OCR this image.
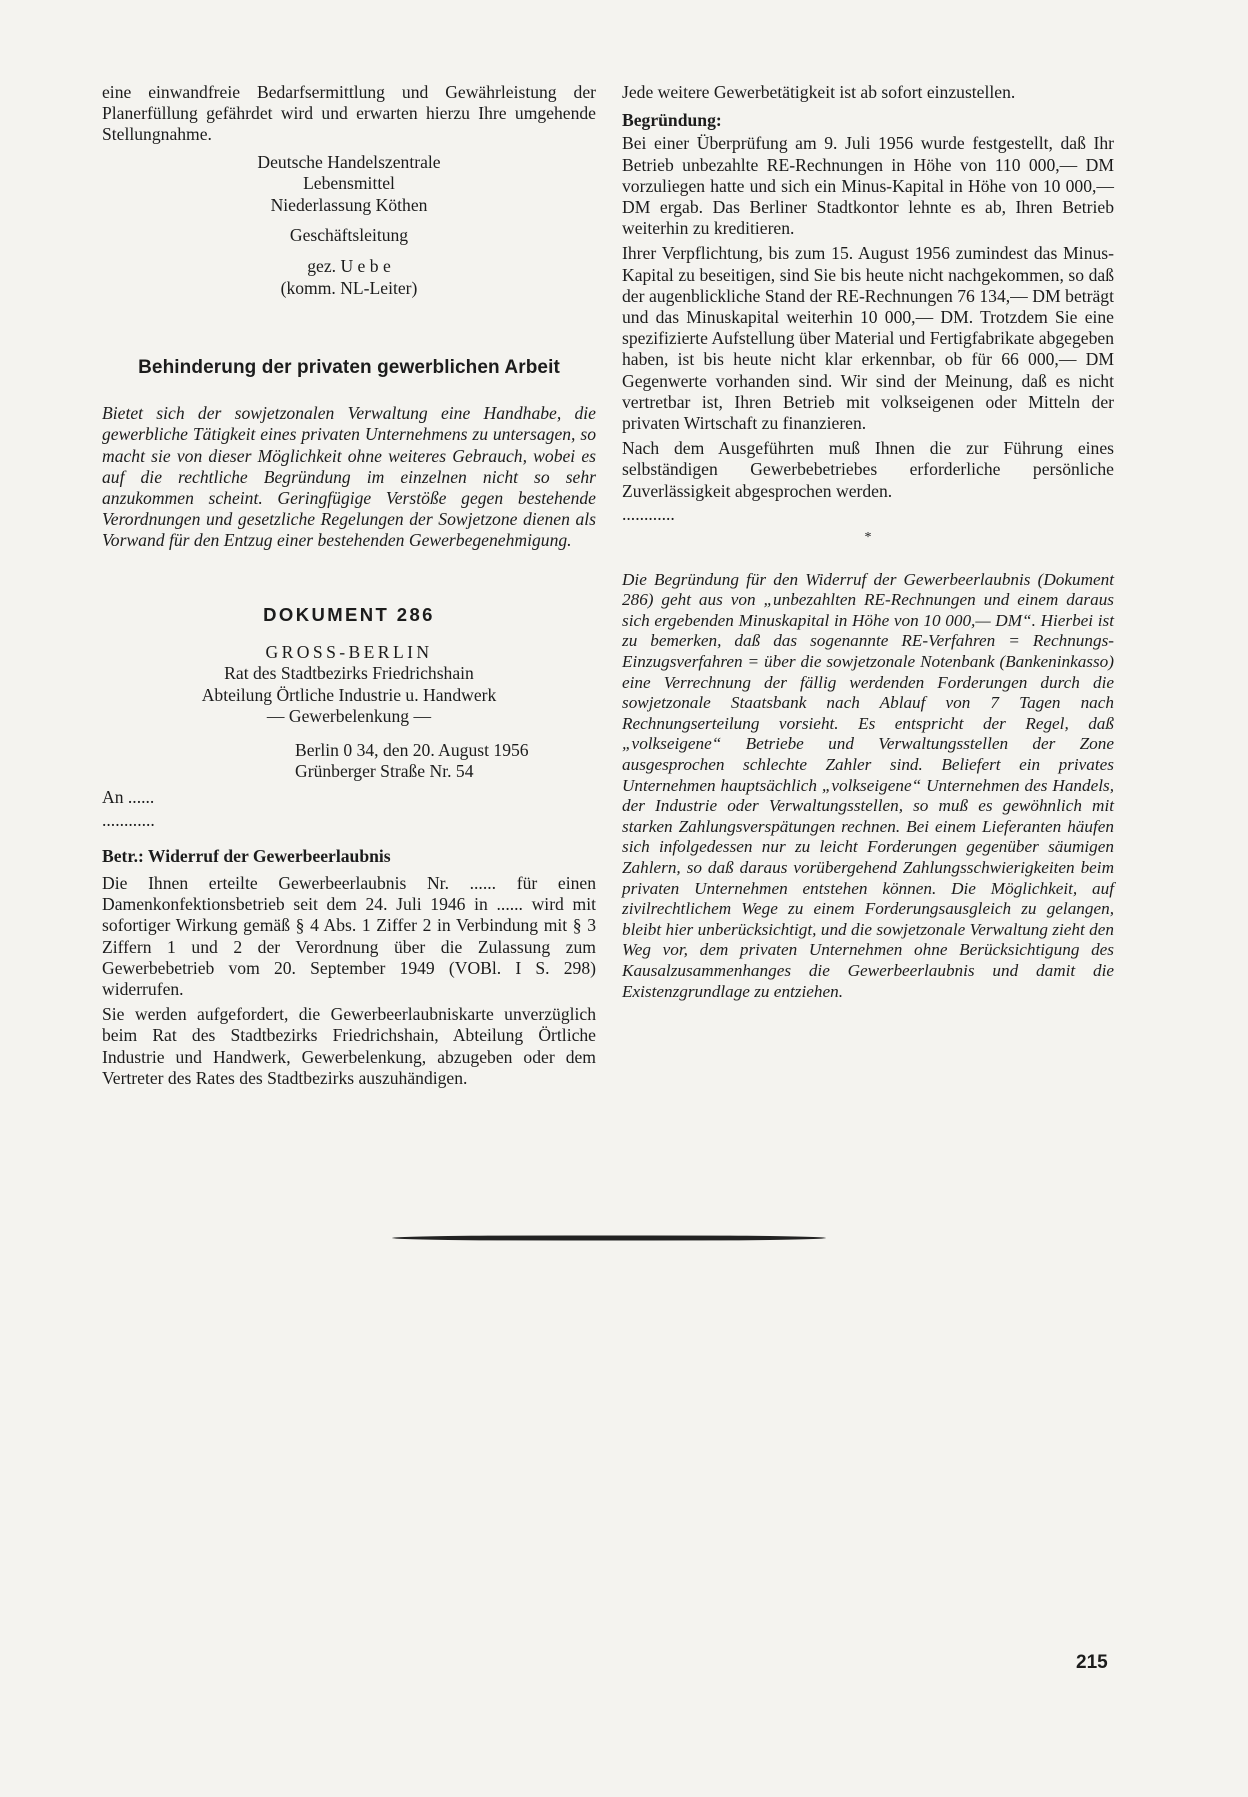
eine einwandfreie Bedarfsermittlung und Gewährleistung der Planerfüllung gefährdet wird und erwarten hierzu Ihre umgehende Stellungnahme.

Deutsche Handelszentrale

Lebensmittel

Niederlassung Köthen

Geschäftsleitung

gez. U e b e

(komm. NL-Leiter)

Behinderung der privaten gewerblichen Arbeit

Bietet sich der sowjetzonalen Verwaltung eine Handhabe, die gewerbliche Tätigkeit eines privaten Unternehmens zu untersagen, so macht sie von dieser Möglichkeit ohne weiteres Gebrauch, wobei es auf die rechtliche Begründung im einzelnen nicht so sehr anzukommen scheint. Geringfügige Verstöße gegen bestehende Verordnungen und gesetzliche Regelungen der Sowjetzone dienen als Vorwand für den Entzug einer bestehenden Gewerbegenehmigung.

DOKUMENT 286

GROSS-BERLIN

Rat des Stadtbezirks Friedrichshain

Abteilung Örtliche Industrie u. Handwerk

— Gewerbelenkung —

Berlin 0 34, den 20. August 1956

Grünberger Straße Nr. 54

An ......

............

Betr.: Widerruf der Gewerbeerlaubnis

Die Ihnen erteilte Gewerbeerlaubnis Nr. ...... für einen Damenkonfektionsbetrieb seit dem 24. Juli 1946 in ...... wird mit sofortiger Wirkung gemäß § 4 Abs. 1 Ziffer 2 in Verbindung mit § 3 Ziffern 1 und 2 der Verordnung über die Zulassung zum Gewerbebetrieb vom 20. September 1949 (VOBl. I S. 298) widerrufen.

Sie werden aufgefordert, die Gewerbeerlaubniskarte unverzüglich beim Rat des Stadtbezirks Friedrichshain, Abteilung Örtliche Industrie und Handwerk, Gewerbelenkung, abzugeben oder dem Vertreter des Rates des Stadtbezirks auszuhändigen.

Jede weitere Gewerbetätigkeit ist ab sofort einzustellen.

Begründung:

Bei einer Überprüfung am 9. Juli 1956 wurde festgestellt, daß Ihr Betrieb unbezahlte RE-Rechnungen in Höhe von 110 000,— DM vorzuliegen hatte und sich ein Minus-Kapital in Höhe von 10 000,— DM ergab. Das Berliner Stadtkontor lehnte es ab, Ihren Betrieb weiterhin zu kreditieren.

Ihrer Verpflichtung, bis zum 15. August 1956 zumindest das Minus-Kapital zu beseitigen, sind Sie bis heute nicht nachgekommen, so daß der augenblickliche Stand der RE-Rechnungen 76 134,— DM beträgt und das Minuskapital weiterhin 10 000,— DM. Trotzdem Sie eine spezifizierte Aufstellung über Material und Fertigfabrikate abgegeben haben, ist bis heute nicht klar erkennbar, ob für 66 000,— DM Gegenwerte vorhanden sind. Wir sind der Meinung, daß es nicht vertretbar ist, Ihren Betrieb mit volkseigenen oder Mitteln der privaten Wirtschaft zu finanzieren.

Nach dem Ausgeführten muß Ihnen die zur Führung eines selbständigen Gewerbebetriebes erforderliche persönliche Zuverlässigkeit abgesprochen werden.

............

*

Die Begründung für den Widerruf der Gewerbeerlaubnis (Dokument 286) geht aus von „unbezahlten RE-Rechnungen und einem daraus sich ergebenden Minuskapital in Höhe von 10 000,— DM“. Hierbei ist zu bemerken, daß das sogenannte RE-Verfahren = Rechnungs-Einzugsverfahren = über die sowjetzonale Notenbank (Bankeninkasso) eine Verrechnung der fällig werdenden Forderungen durch die sowjetzonale Staatsbank nach Ablauf von 7 Tagen nach Rechnungserteilung vorsieht. Es entspricht der Regel, daß „volkseigene“ Betriebe und Verwaltungsstellen der Zone ausgesprochen schlechte Zahler sind. Beliefert ein privates Unternehmen hauptsächlich „volkseigene“ Unternehmen des Handels, der Industrie oder Verwaltungsstellen, so muß es gewöhnlich mit starken Zahlungsverspätungen rechnen. Bei einem Lieferanten häufen sich infolgedessen nur zu leicht Forderungen gegenüber säumigen Zahlern, so daß daraus vorübergehend Zahlungsschwierigkeiten beim privaten Unternehmen entstehen können. Die Möglichkeit, auf zivilrechtlichem Wege zu einem Forderungsausgleich zu gelangen, bleibt hier unberücksichtigt, und die sowjetzonale Verwaltung zieht den Weg vor, dem privaten Unternehmen ohne Berücksichtigung des Kausalzusammenhanges die Gewerbeerlaubnis und damit die Existenzgrundlage zu entziehen.

215
